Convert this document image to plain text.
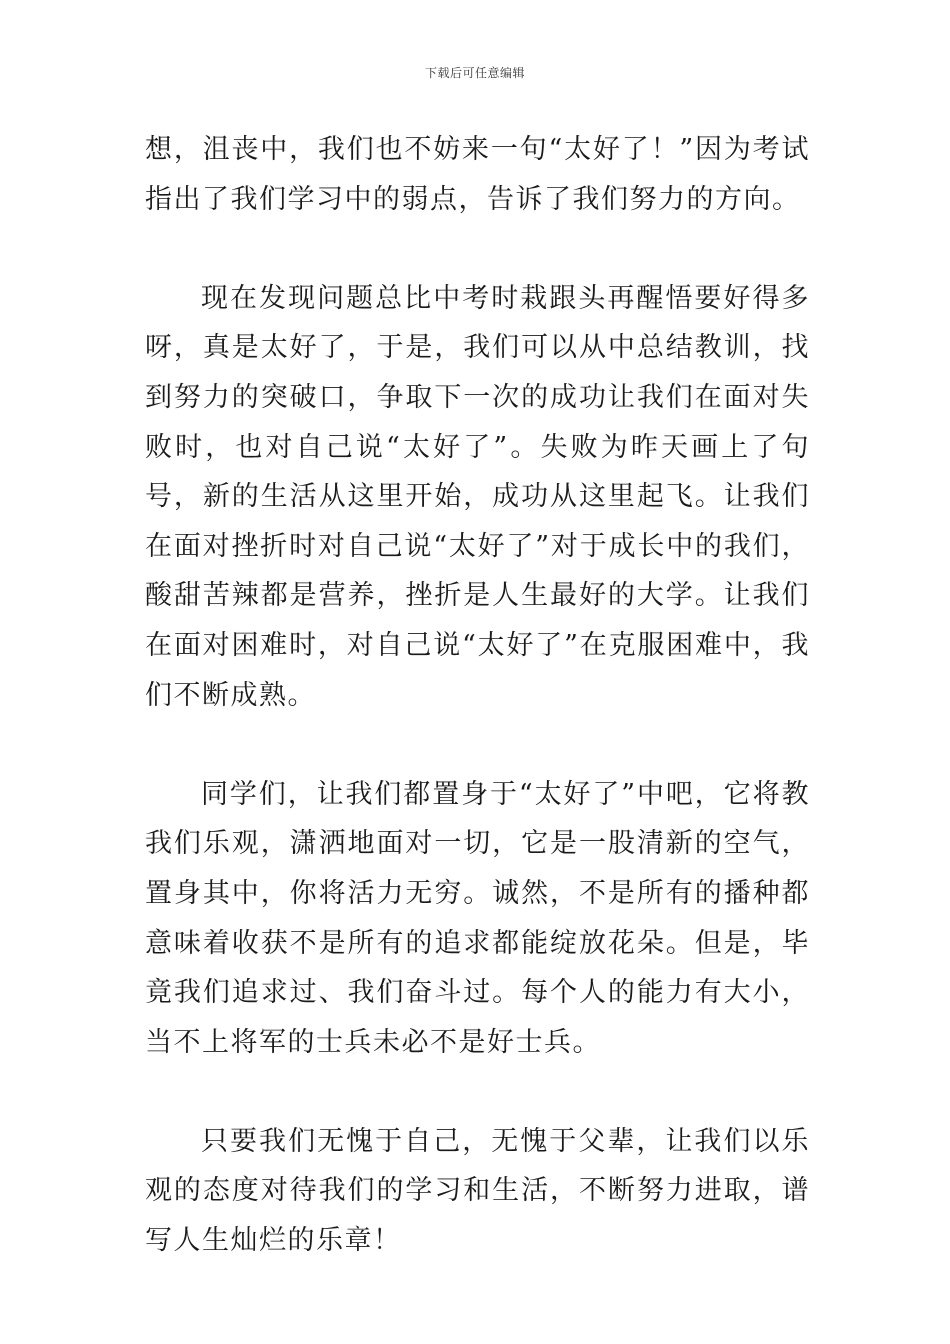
下载后可任意编辑

想，沮丧中，我们也不妨来一句“太好了！”因为考试指出了我们学习中的弱点，告诉了我们努力的方向。

现在发现问题总比中考时栽跟头再醒悟要好得多呀，真是太好了，于是，我们可以从中总结教训，找到努力的突破口，争取下一次的成功让我们在面对失败时，也对自己说“太好了”。失败为昨天画上了句号，新的生活从这里开始，成功从这里起飞。让我们在面对挫折时对自己说“太好了”对于成长中的我们，酸甜苦辣都是营养，挫折是人生最好的大学。让我们在面对困难时，对自己说“太好了”在克服困难中，我们不断成熟。

同学们，让我们都置身于“太好了”中吧，它将教我们乐观，潇洒地面对一切，它是一股清新的空气，置身其中，你将活力无穷。诚然，不是所有的播种都意味着收获不是所有的追求都能绽放花朵。但是，毕竟我们追求过、我们奋斗过。每个人的能力有大小，当不上将军的士兵未必不是好士兵。

只要我们无愧于自己，无愧于父辈，让我们以乐观的态度对待我们的学习和生活，不断努力进取，谱写人生灿烂的乐章！
